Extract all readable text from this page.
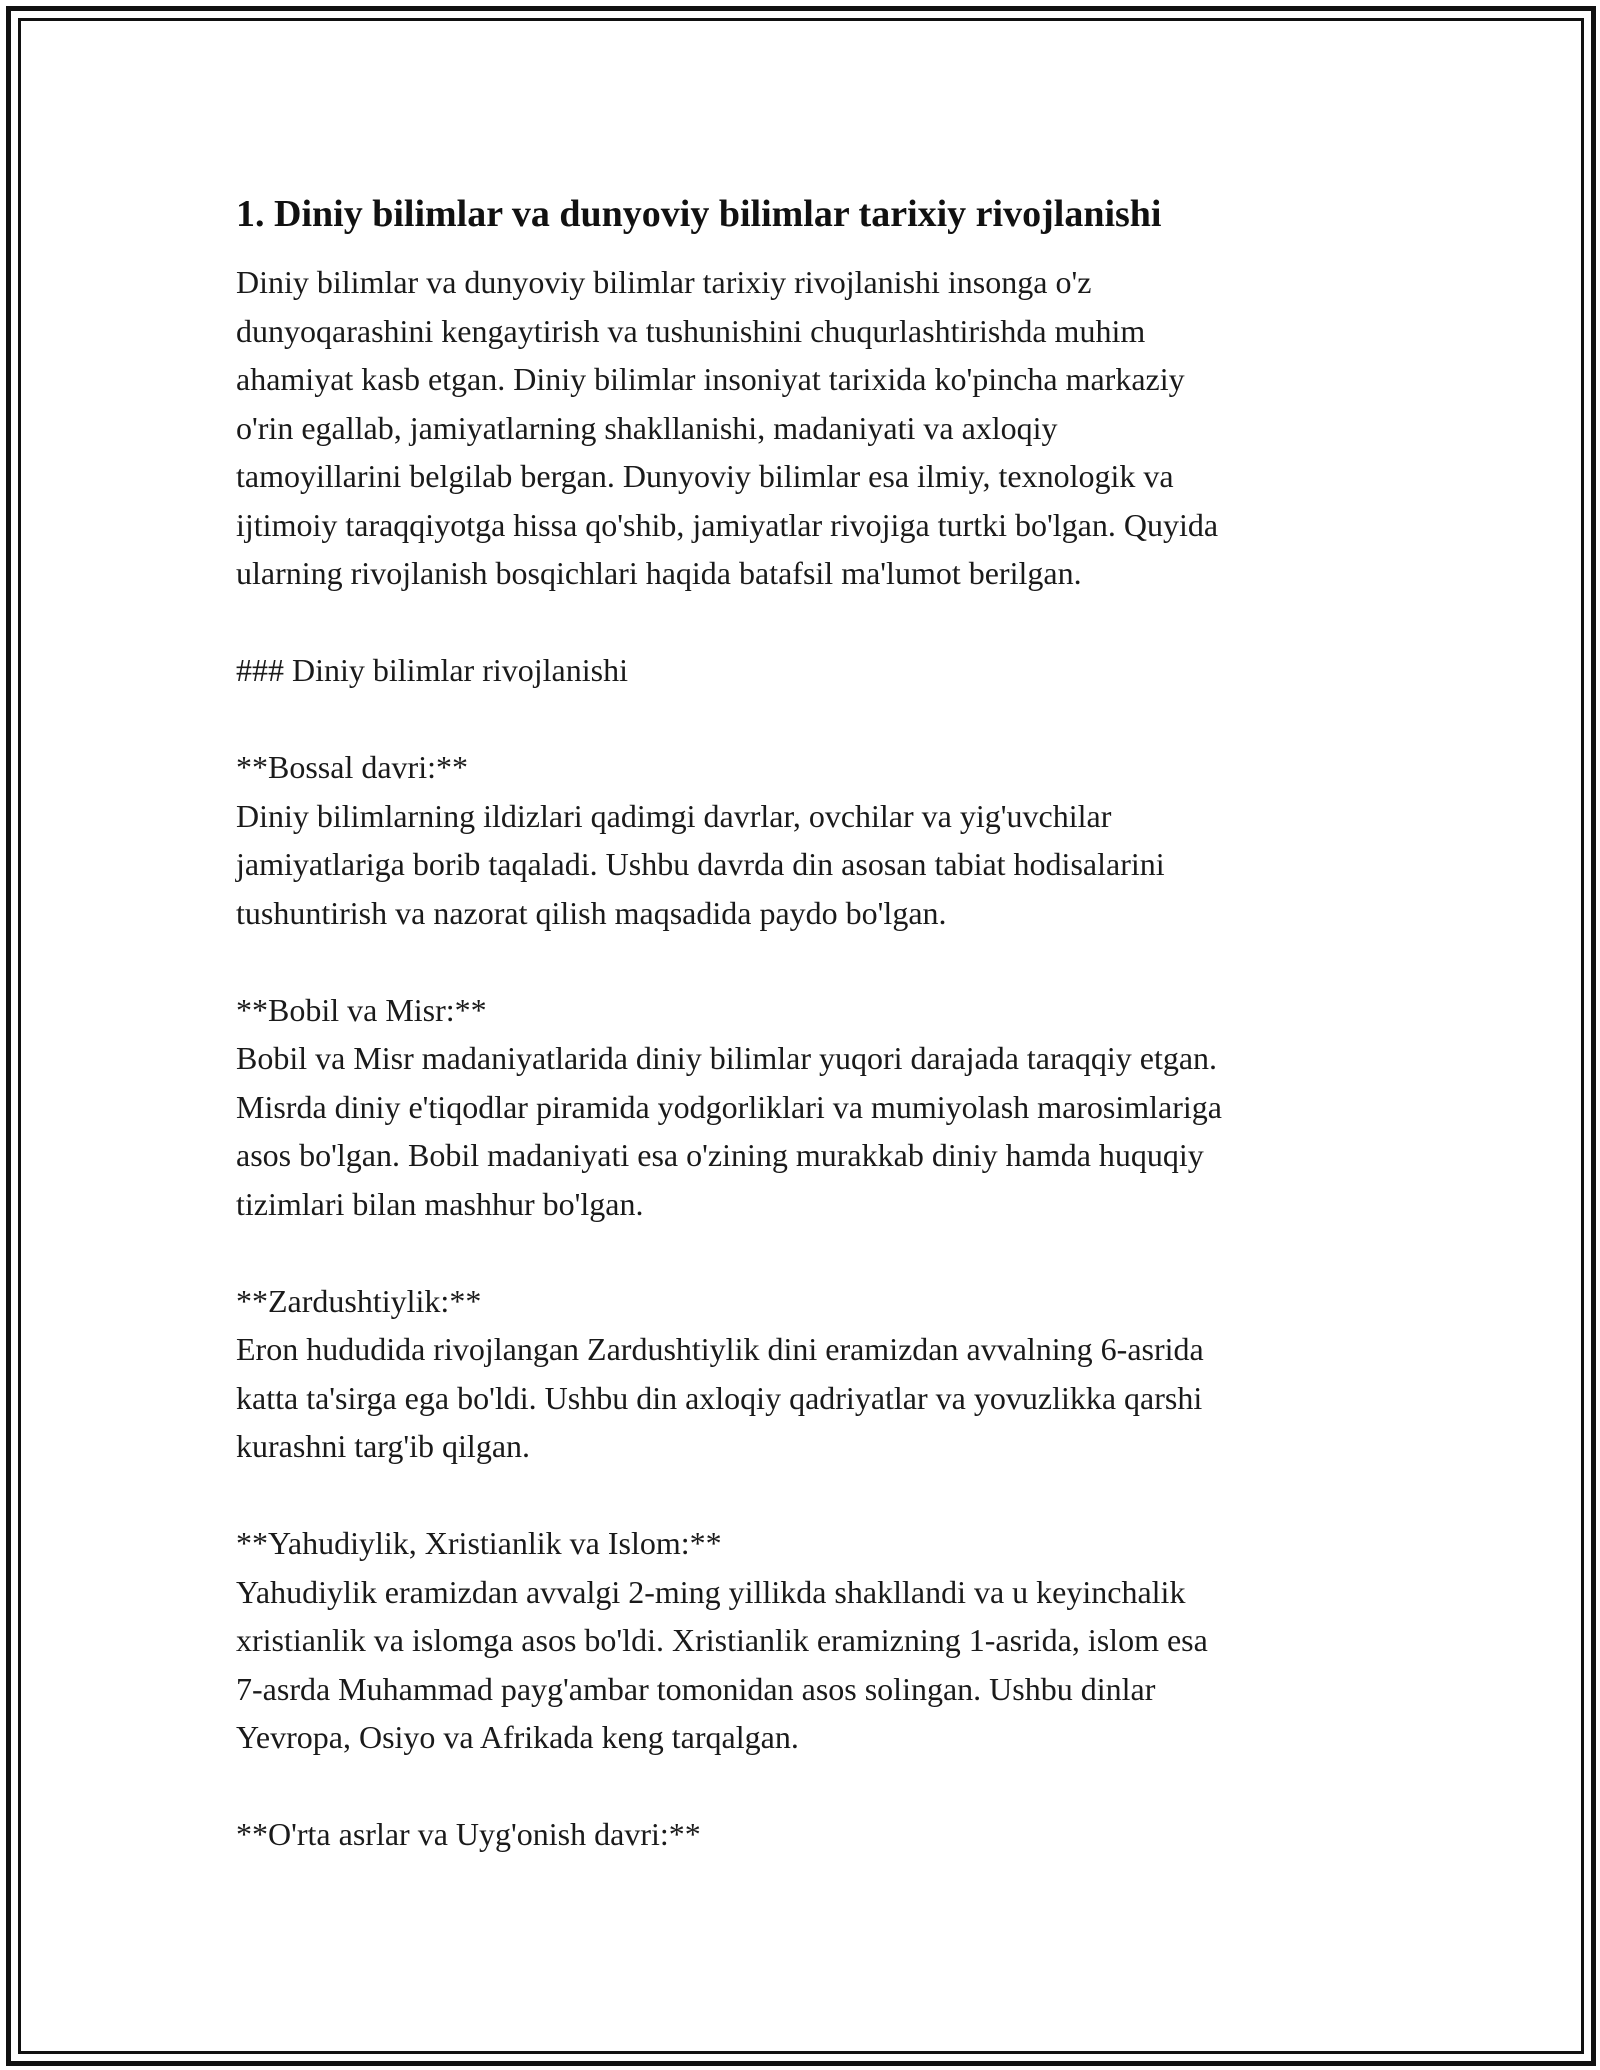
1. Diniy bilimlar va dunyoviy bilimlar tarixiy rivojlanishi

Diniy bilimlar va dunyoviy bilimlar tarixiy rivojlanishi insonga o'z

dunyoqarashini kengaytirish va tushunishini chuqurlashtirishda muhim

ahamiyat kasb etgan. Diniy bilimlar insoniyat tarixida ko'pincha markaziy

o'rin egallab, jamiyatlarning shakllanishi, madaniyati va axloqiy

tamoyillarini belgilab bergan. Dunyoviy bilimlar esa ilmiy, texnologik va

ijtimoiy taraqqiyotga hissa qo'shib, jamiyatlar rivojiga turtki bo'lgan. Quyida

ularning rivojlanish bosqichlari haqida batafsil ma'lumot berilgan.

### Diniy bilimlar rivojlanishi

**Bossal davri:**

Diniy bilimlarning ildizlari qadimgi davrlar, ovchilar va yig'uvchilar

jamiyatlariga borib taqaladi. Ushbu davrda din asosan tabiat hodisalarini

tushuntirish va nazorat qilish maqsadida paydo bo'lgan.

**Bobil va Misr:**

Bobil va Misr madaniyatlarida diniy bilimlar yuqori darajada taraqqiy etgan.

Misrda diniy e'tiqodlar piramida yodgorliklari va mumiyolash marosimlariga

asos bo'lgan. Bobil madaniyati esa o'zining murakkab diniy hamda huquqiy

tizimlari bilan mashhur bo'lgan.

**Zardushtiylik:**

Eron hududida rivojlangan Zardushtiylik dini eramizdan avvalning 6-asrida

katta ta'sirga ega bo'ldi. Ushbu din axloqiy qadriyatlar va yovuzlikka qarshi

kurashni targ'ib qilgan.

**Yahudiylik, Xristianlik va Islom:**

Yahudiylik eramizdan avvalgi 2-ming yillikda shakllandi va u keyinchalik

xristianlik va islomga asos bo'ldi. Xristianlik eramizning 1-asrida, islom esa

7-asrda Muhammad payg'ambar tomonidan asos solingan. Ushbu dinlar

Yevropa, Osiyo va Afrikada keng tarqalgan.

**O'rta asrlar va Uyg'onish davri:**
